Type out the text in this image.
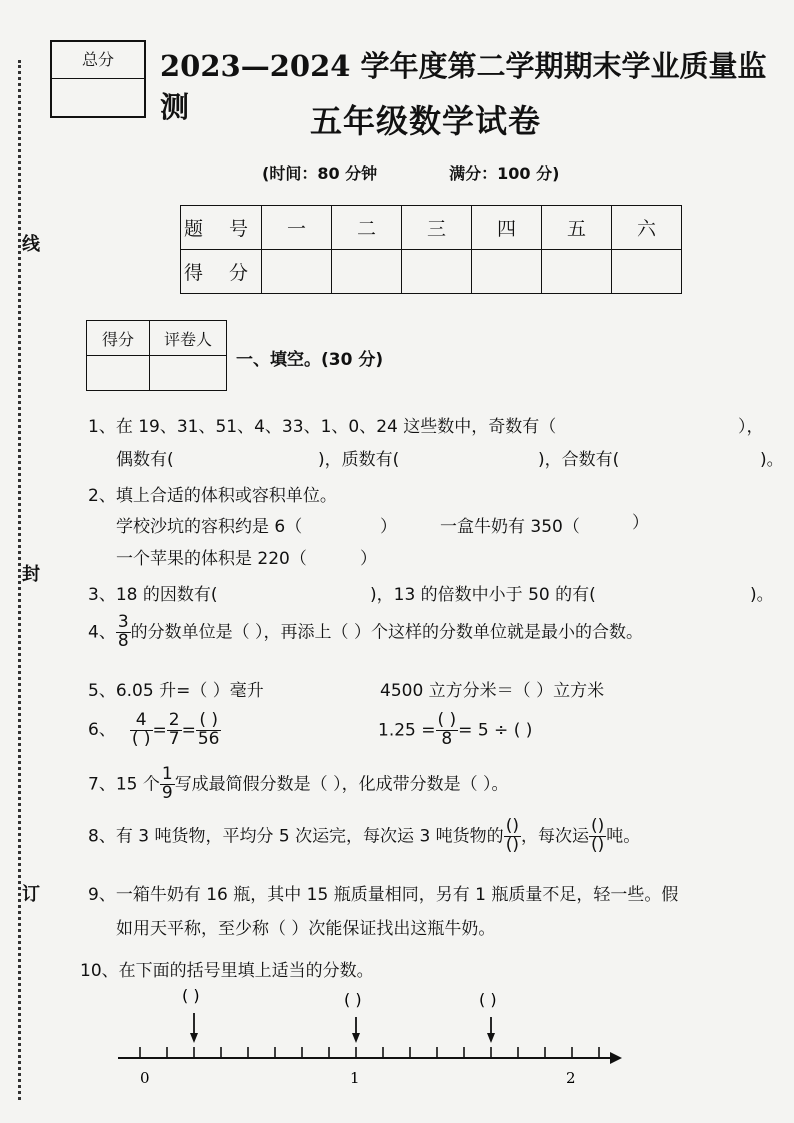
线
封
订
总分	2023—2024 学年度第二学期期末学业质量监测	五年级数学试卷
(时间：80 分钟	满分：100 分)
题 号	一	二	三	四	五	六
得 分						
得分	评卷人

一、填空。(30 分)
1、在 19、31、51、4、33、1、0、24 这些数中，奇数有（	），
偶数有(	)，质数有(	)，合数有(	)。
2、填上合适的体积或容积单位。
学校沙坑的容积约是 6（	）	一盒牛奶有 350（	）
一个苹果的体积是 220（	）
3、18 的因数有(	)，13 的倍数中小于 50 的有(	)。
4、 $\frac{3}{8}$ 的分数单位是（ ），再添上（ ）个这样的分数单位就是最小的合数。
5、6.05 升=（ ）毫升	4500 立方分米＝（ ）立方米
6、 $\frac{4}{( )} = \frac{2}{7} = \frac{( )}{56}$	$1.25 = \frac{( )}{8} = 5$ ÷ ( )
7、15 个 $\frac{1}{9}$ 写成最简假分数是（ ），化成带分数是（ ）。
8、有 3 吨货物，平均分 5 次运完，每次运 3 吨货物的 $\frac{()}{()}$ ，每次运 $\frac{()}{()}$ 吨。
9、一箱牛奶有 16 瓶，其中 15 瓶质量相同，另有 1 瓶质量不足，轻一些。假
如用天平称，至少称（ ）次能保证找出这瓶牛奶。
10、在下面的括号里填上适当的分数。
( )	( )	( )
0	1	2
